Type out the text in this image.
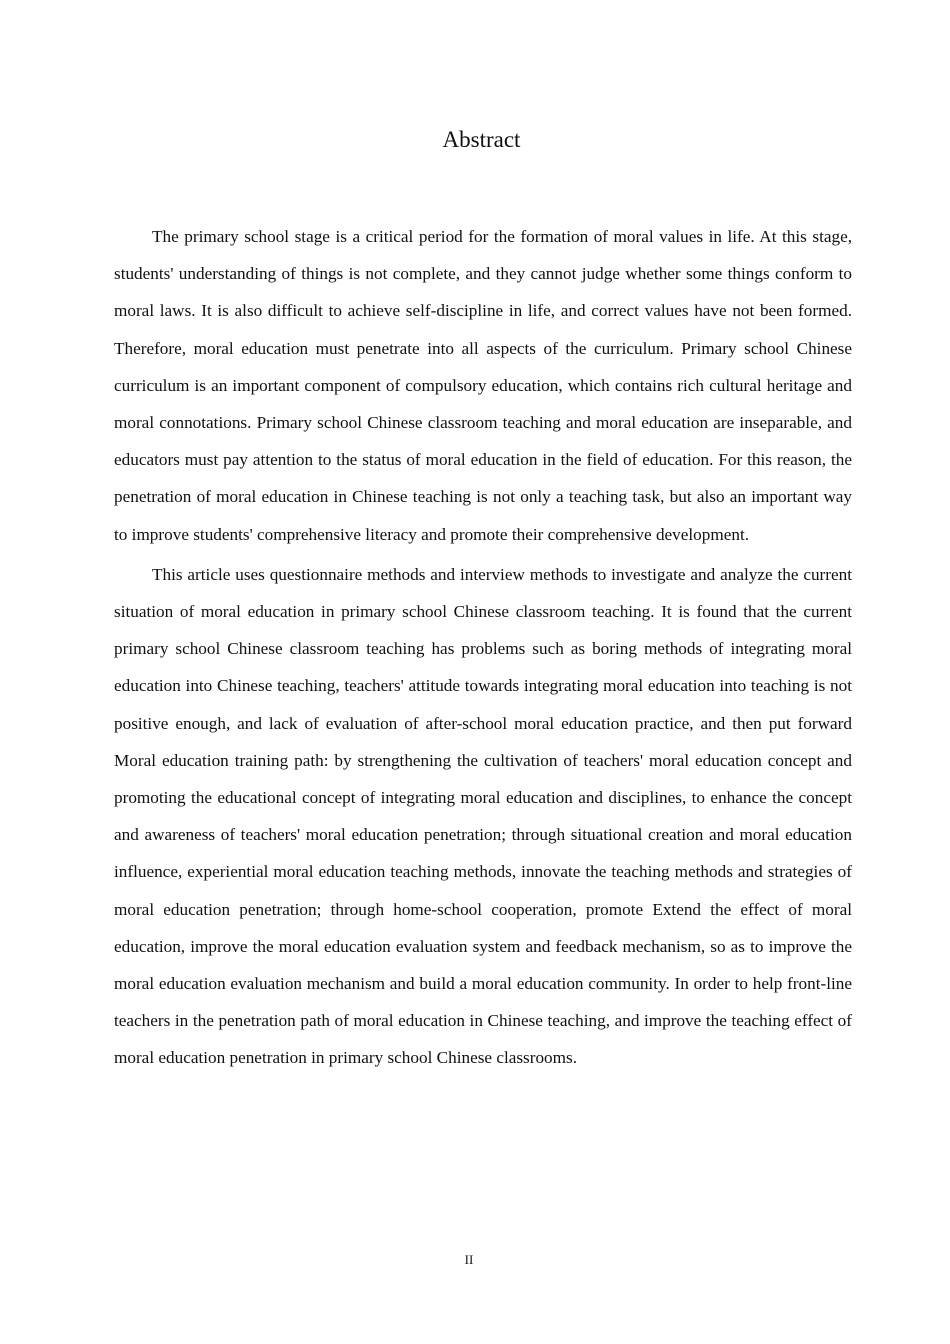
Abstract

The primary school stage is a critical period for the formation of moral values in life. At this stage, students' understanding of things is not complete, and they cannot judge whether some things conform to moral laws. It is also difficult to achieve self-discipline in life, and correct values have not been formed. Therefore, moral education must penetrate into all aspects of the curriculum. Primary school Chinese curriculum is an important component of compulsory education, which contains rich cultural heritage and moral connotations. Primary school Chinese classroom teaching and moral education are inseparable, and educators must pay attention to the status of moral education in the field of education. For this reason, the penetration of moral education in Chinese teaching is not only a teaching task, but also an important way to improve students' comprehensive literacy and promote their comprehensive development.

This article uses questionnaire methods and interview methods to investigate and analyze the current situation of moral education in primary school Chinese classroom teaching. It is found that the current primary school Chinese classroom teaching has problems such as boring methods of integrating moral education into Chinese teaching, teachers' attitude towards integrating moral education into teaching is not positive enough, and lack of evaluation of after-school moral education practice, and then put forward Moral education training path: by strengthening the cultivation of teachers' moral education concept and promoting the educational concept of integrating moral education and disciplines, to enhance the concept and awareness of teachers' moral education penetration; through situational creation and moral education influence, experiential moral education teaching methods, innovate the teaching methods and strategies of moral education penetration; through home-school cooperation, promote Extend the effect of moral education, improve the moral education evaluation system and feedback mechanism, so as to improve the moral education evaluation mechanism and build a moral education community. In order to help front-line teachers in the penetration path of moral education in Chinese teaching, and improve the teaching effect of moral education penetration in primary school Chinese classrooms.

II
